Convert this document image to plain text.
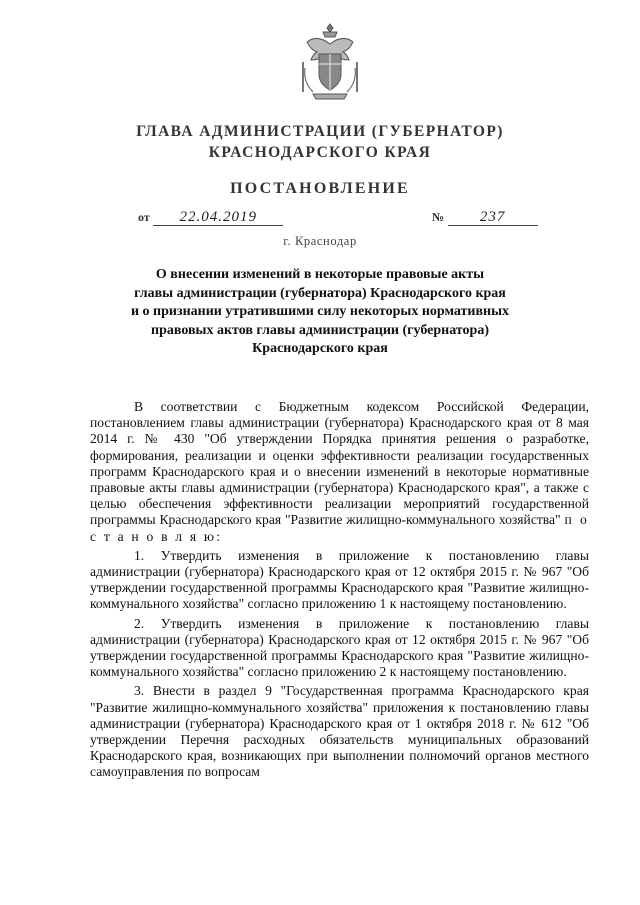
ГЛАВА АДМИНИСТРАЦИИ (ГУБЕРНАТОР)
КРАСНОДАРСКОГО КРАЯ
ПОСТАНОВЛЕНИЕ
от 22.04.2019	№ 237
г. Краснодар
О внесении изменений в некоторые правовые акты
главы администрации (губернатора) Краснодарского края
и о признании утратившими силу некоторых нормативных
правовых актов главы администрации (губернатора)
Краснодарского края

В соответствии с Бюджетным кодексом Российской Федерации, постановлением главы администрации (губернатора) Краснодарского края от 8 мая 2014 г. № 430 "Об утверждении Порядка принятия решения о разработке, формирования, реализации и оценки эффективности реализации государственных программ Краснодарского края и о внесении изменений в некоторые нормативные правовые акты главы администрации (губернатора) Краснодарского края", а также с целью обеспечения эффективности реализации мероприятий государственной программы Краснодарского края "Развитие жилищно-коммунального хозяйства" п о с т а н о в л я ю:

1. Утвердить изменения в приложение к постановлению главы администрации (губернатора) Краснодарского края от 12 октября 2015 г. № 967 "Об утверждении государственной программы Краснодарского края "Развитие жилищно-коммунального хозяйства" согласно приложению 1 к настоящему постановлению.

2. Утвердить изменения в приложение к постановлению главы администрации (губернатора) Краснодарского края от 12 октября 2015 г. № 967 "Об утверждении государственной программы Краснодарского края "Развитие жилищно-коммунального хозяйства" согласно приложению 2 к настоящему постановлению.

3. Внести в раздел 9 "Государственная программа Краснодарского края "Развитие жилищно-коммунального хозяйства" приложения к постановлению главы администрации (губернатора) Краснодарского края от 1 октября 2018 г. № 612 "Об утверждении Перечня расходных обязательств муниципальных образований Краснодарского края, возникающих при выполнении полномочий органов местного самоуправления по вопросам
